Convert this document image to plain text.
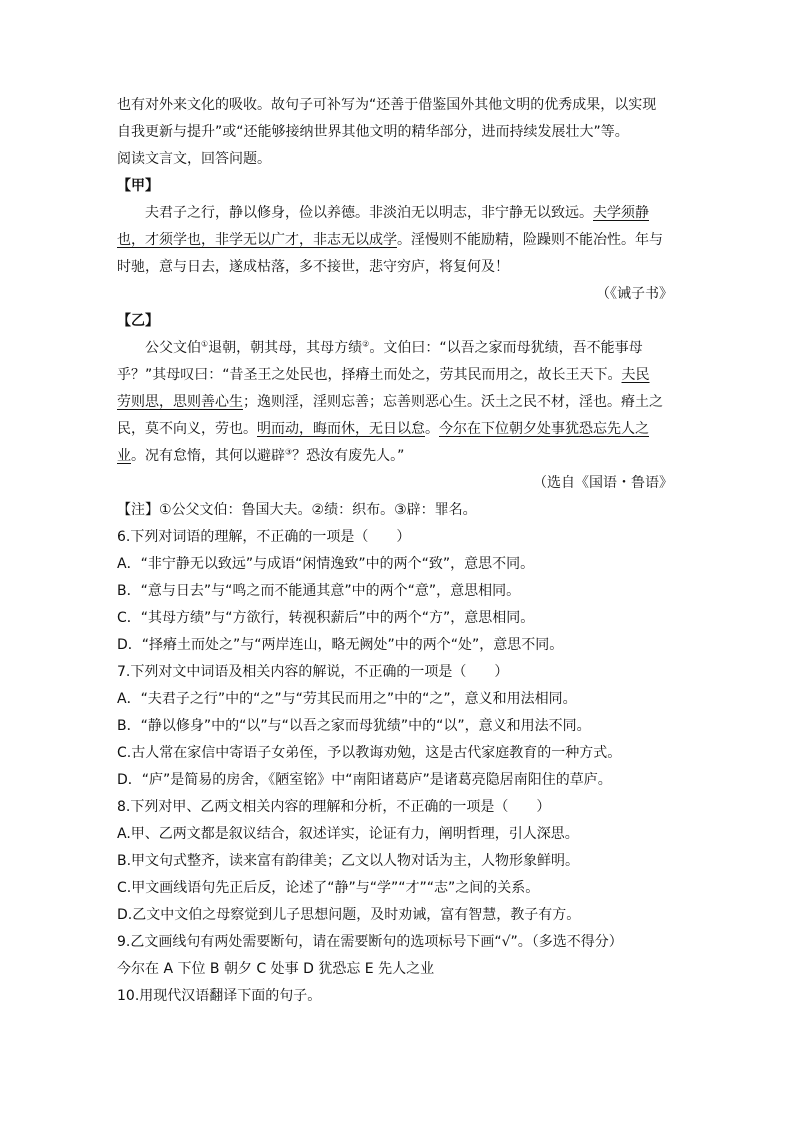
也有对外来文化的吸收。故句子可补写为“还善于借鉴国外其他文明的优秀成果，以实现
自我更新与提升”或“还能够接纳世界其他文明的精华部分，进而持续发展壮大”等。
阅读文言文，回答问题。
【甲】
夫君子之行，静以修身，俭以养德。非淡泊无以明志，非宁静无以致远。夫学须静
也，才须学也，非学无以广才，非志无以成学。淫慢则不能励精，险躁则不能冶性。年与
时驰，意与日去，遂成枯落，多不接世，悲守穷庐，将复何及！
（《诫子书》
【乙】
公父文伯①退朝，朝其母，其母方绩②。文伯曰：“以吾之家而母犹绩，吾不能事母
乎？”其母叹曰：“昔圣王之处民也，择瘠土而处之，劳其民而用之，故长王天下。夫民
劳则思，思则善心生；逸则淫，淫则忘善；忘善则恶心生。沃土之民不材，淫也。瘠土之
民，莫不向义，劳也。明而动，晦而休，无日以怠。今尔在下位朝夕处事犹恐忘先人之
业。况有怠惰，其何以避辟③？恐汝有废先人。”
（选自《国语・鲁语》
【注】①公父文伯：鲁国大夫。②绩：织布。③辟：罪名。
6.下列对词语的理解，不正确的一项是（　　）
A．“非宁静无以致远”与成语“闲情逸致”中的两个“致”，意思不同。
B．“意与日去”与“鸣之而不能通其意”中的两个“意”，意思相同。
C．“其母方绩”与“方欲行，转视积薪后”中的两个“方”，意思相同。
D．“择瘠土而处之”与“两岸连山，略无阙处”中的两个“处”，意思不同。
7.下列对文中词语及相关内容的解说，不正确的一项是（　　）
A．“夫君子之行”中的“之”与“劳其民而用之”中的“之”，意义和用法相同。
B．“静以修身”中的“以”与“以吾之家而母犹绩”中的“以”，意义和用法不同。
C.古人常在家信中寄语子女弟侄，予以教诲劝勉，这是古代家庭教育的一种方式。
D．“庐”是简易的房舍，《陋室铭》中“南阳诸葛庐”是诸葛亮隐居南阳住的草庐。
8.下列对甲、乙两文相关内容的理解和分析，不正确的一项是（　　）
A.甲、乙两文都是叙议结合，叙述详实，论证有力，阐明哲理，引人深思。
B.甲文句式整齐，读来富有韵律美；乙文以人物对话为主，人物形象鲜明。
C.甲文画线语句先正后反，论述了“静”与“学”“才”“志”之间的关系。
D.乙文中文伯之母察觉到儿子思想问题，及时劝诫，富有智慧，教子有方。
9.乙文画线句有两处需要断句，请在需要断句的选项标号下画“√”。（多选不得分）
今尔在 A 下位 B 朝夕 C 处事 D 犹恐忘 E 先人之业
10.用现代汉语翻译下面的句子。
